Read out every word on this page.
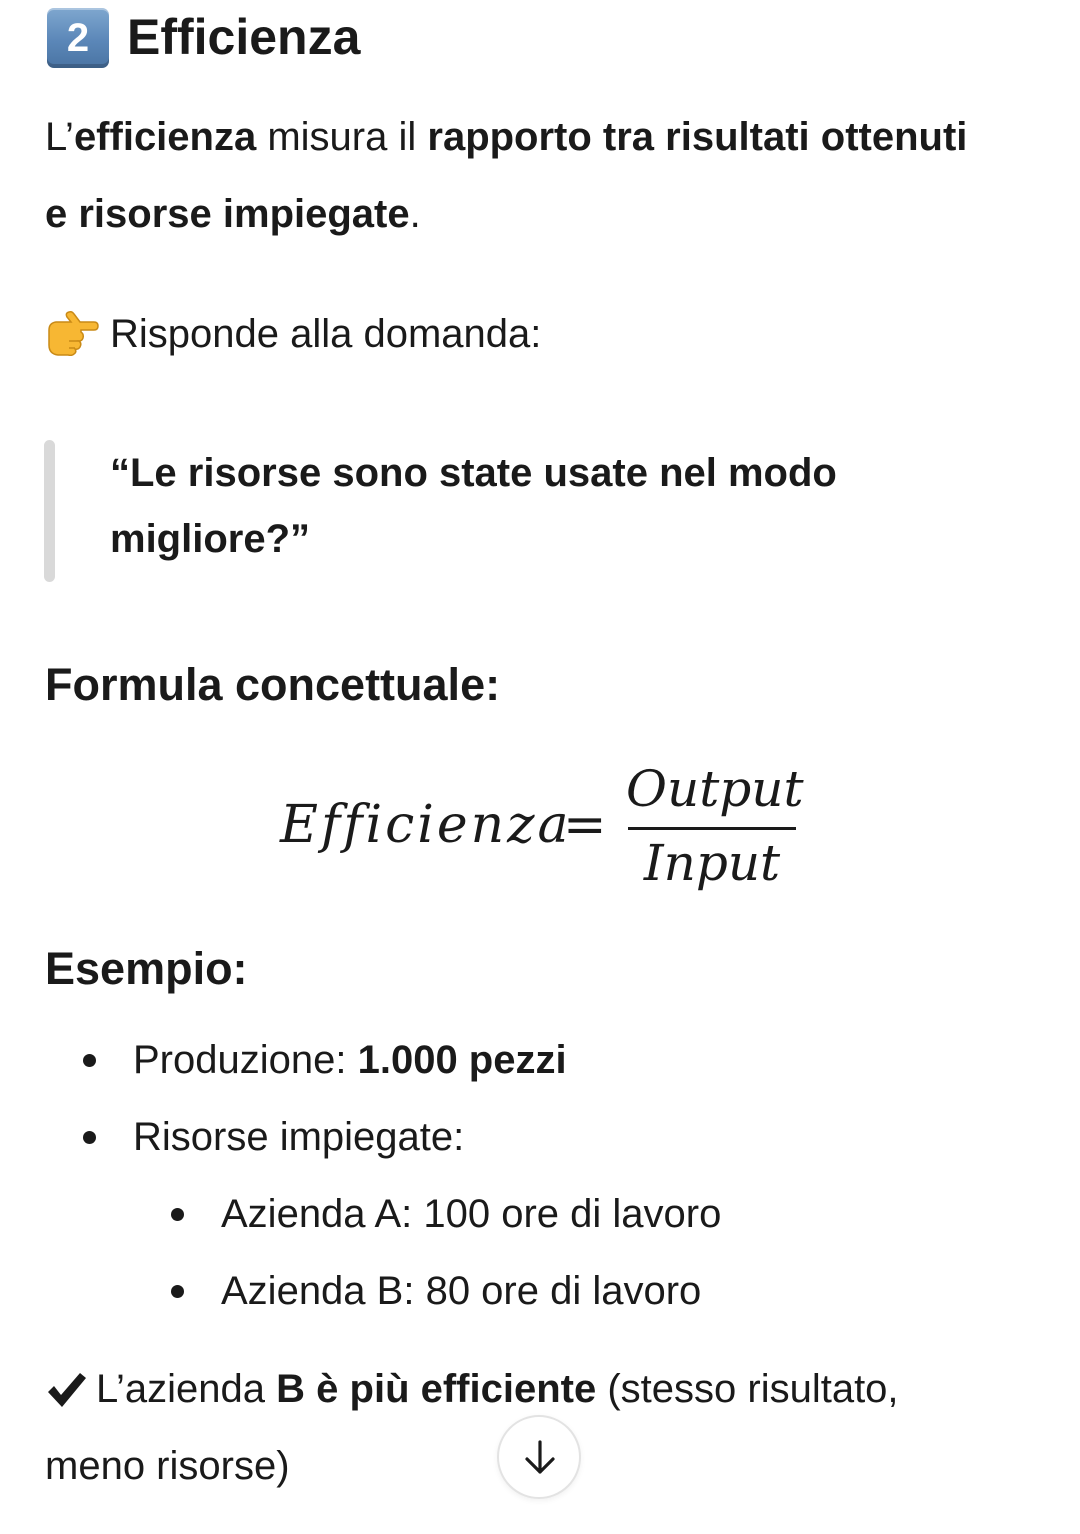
2 Efficienza
L’efficienza misura il rapporto tra risultati ottenuti
e risorse impiegate.
Risponde alla domanda:
“Le risorse sono state usate nel modo migliore?”
Formula concettuale:
Efficienza
=
Output
Input
Esempio:
Produzione: 1.000 pezzi
Risorse impiegate:
Azienda A: 100 ore di lavoro
Azienda B: 80 ore di lavoro
L’azienda B è più efficiente (stesso risultato,
meno risorse)
